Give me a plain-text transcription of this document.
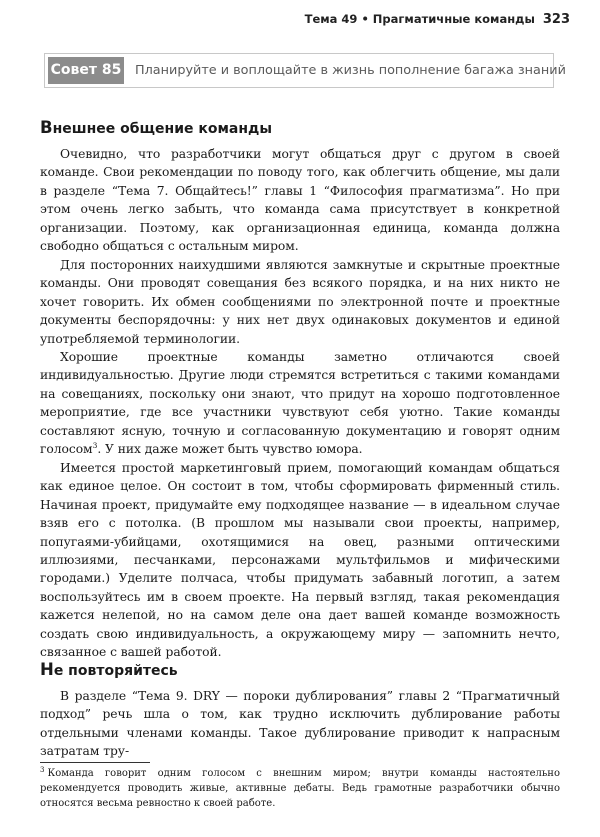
Тема 49 • Прагматичные команды 323
Совет 85 Планируйте и воплощайте в жизнь пополнение багажа знаний
Внешнее общение команды

Очевидно, что разработчики могут общаться друг с другом в своей команде. Свои рекомендации по поводу того, как облегчить общение, мы дали в разделе “Тема 7. Общайтесь!” главы 1 “Философия прагматизма”. Но при этом очень легко забыть, что команда сама присутствует в конкретной организации. Поэтому, как организационная единица, команда должна свободно общаться с остальным миром.

Для посторонних наихудшими являются замкнутые и скрытные проектные команды. Они проводят совещания без всякого порядка, и на них никто не хочет говорить. Их обмен сообщениями по электронной почте и проектные документы беспорядочны: у них нет двух одинаковых документов и единой употребляемой терминологии.

Хорошие проектные команды заметно отличаются своей индивидуальностью. Другие люди стремятся встретиться с такими командами на совещаниях, поскольку они знают, что придут на хорошо подготовленное мероприятие, где все участники чувствуют себя уютно. Такие команды составляют ясную, точную и согласованную документацию и говорят одним голосом$^3$. У них даже может быть чувство юмора.

Имеется простой маркетинговый прием, помогающий командам общаться как единое целое. Он состоит в том, чтобы сформировать фирменный стиль. Начиная проект, придумайте ему подходящее название — в идеальном случае взяв его с потолка. (В прошлом мы называли свои проекты, например, попугаями-убийцами, охотящимися на овец, разными оптическими иллюзиями, песчанками, персонажами мультфильмов и мифическими городами.) Уделите полчаса, чтобы придумать забавный логотип, а затем воспользуйтесь им в своем проекте. На первый взгляд, такая рекомендация кажется нелепой, но на самом деле она дает вашей команде возможность создать свою индивидуальность, а окружающему миру — запомнить нечто, связанное с вашей работой.

Не повторяйтесь

В разделе “Тема 9. DRY — пороки дублирования” главы 2 “Прагматичный подход” речь шла о том, как трудно исключить дублирование работы отдельными членами команды. Такое дублирование приводит к напрасным затратам тру-

$^3$ Команда говорит одним голосом с внешним миром; внутри команды настоятельно рекомендуется проводить живые, активные дебаты. Ведь грамотные разработчики обычно относятся весьма ревностно к своей работе.
